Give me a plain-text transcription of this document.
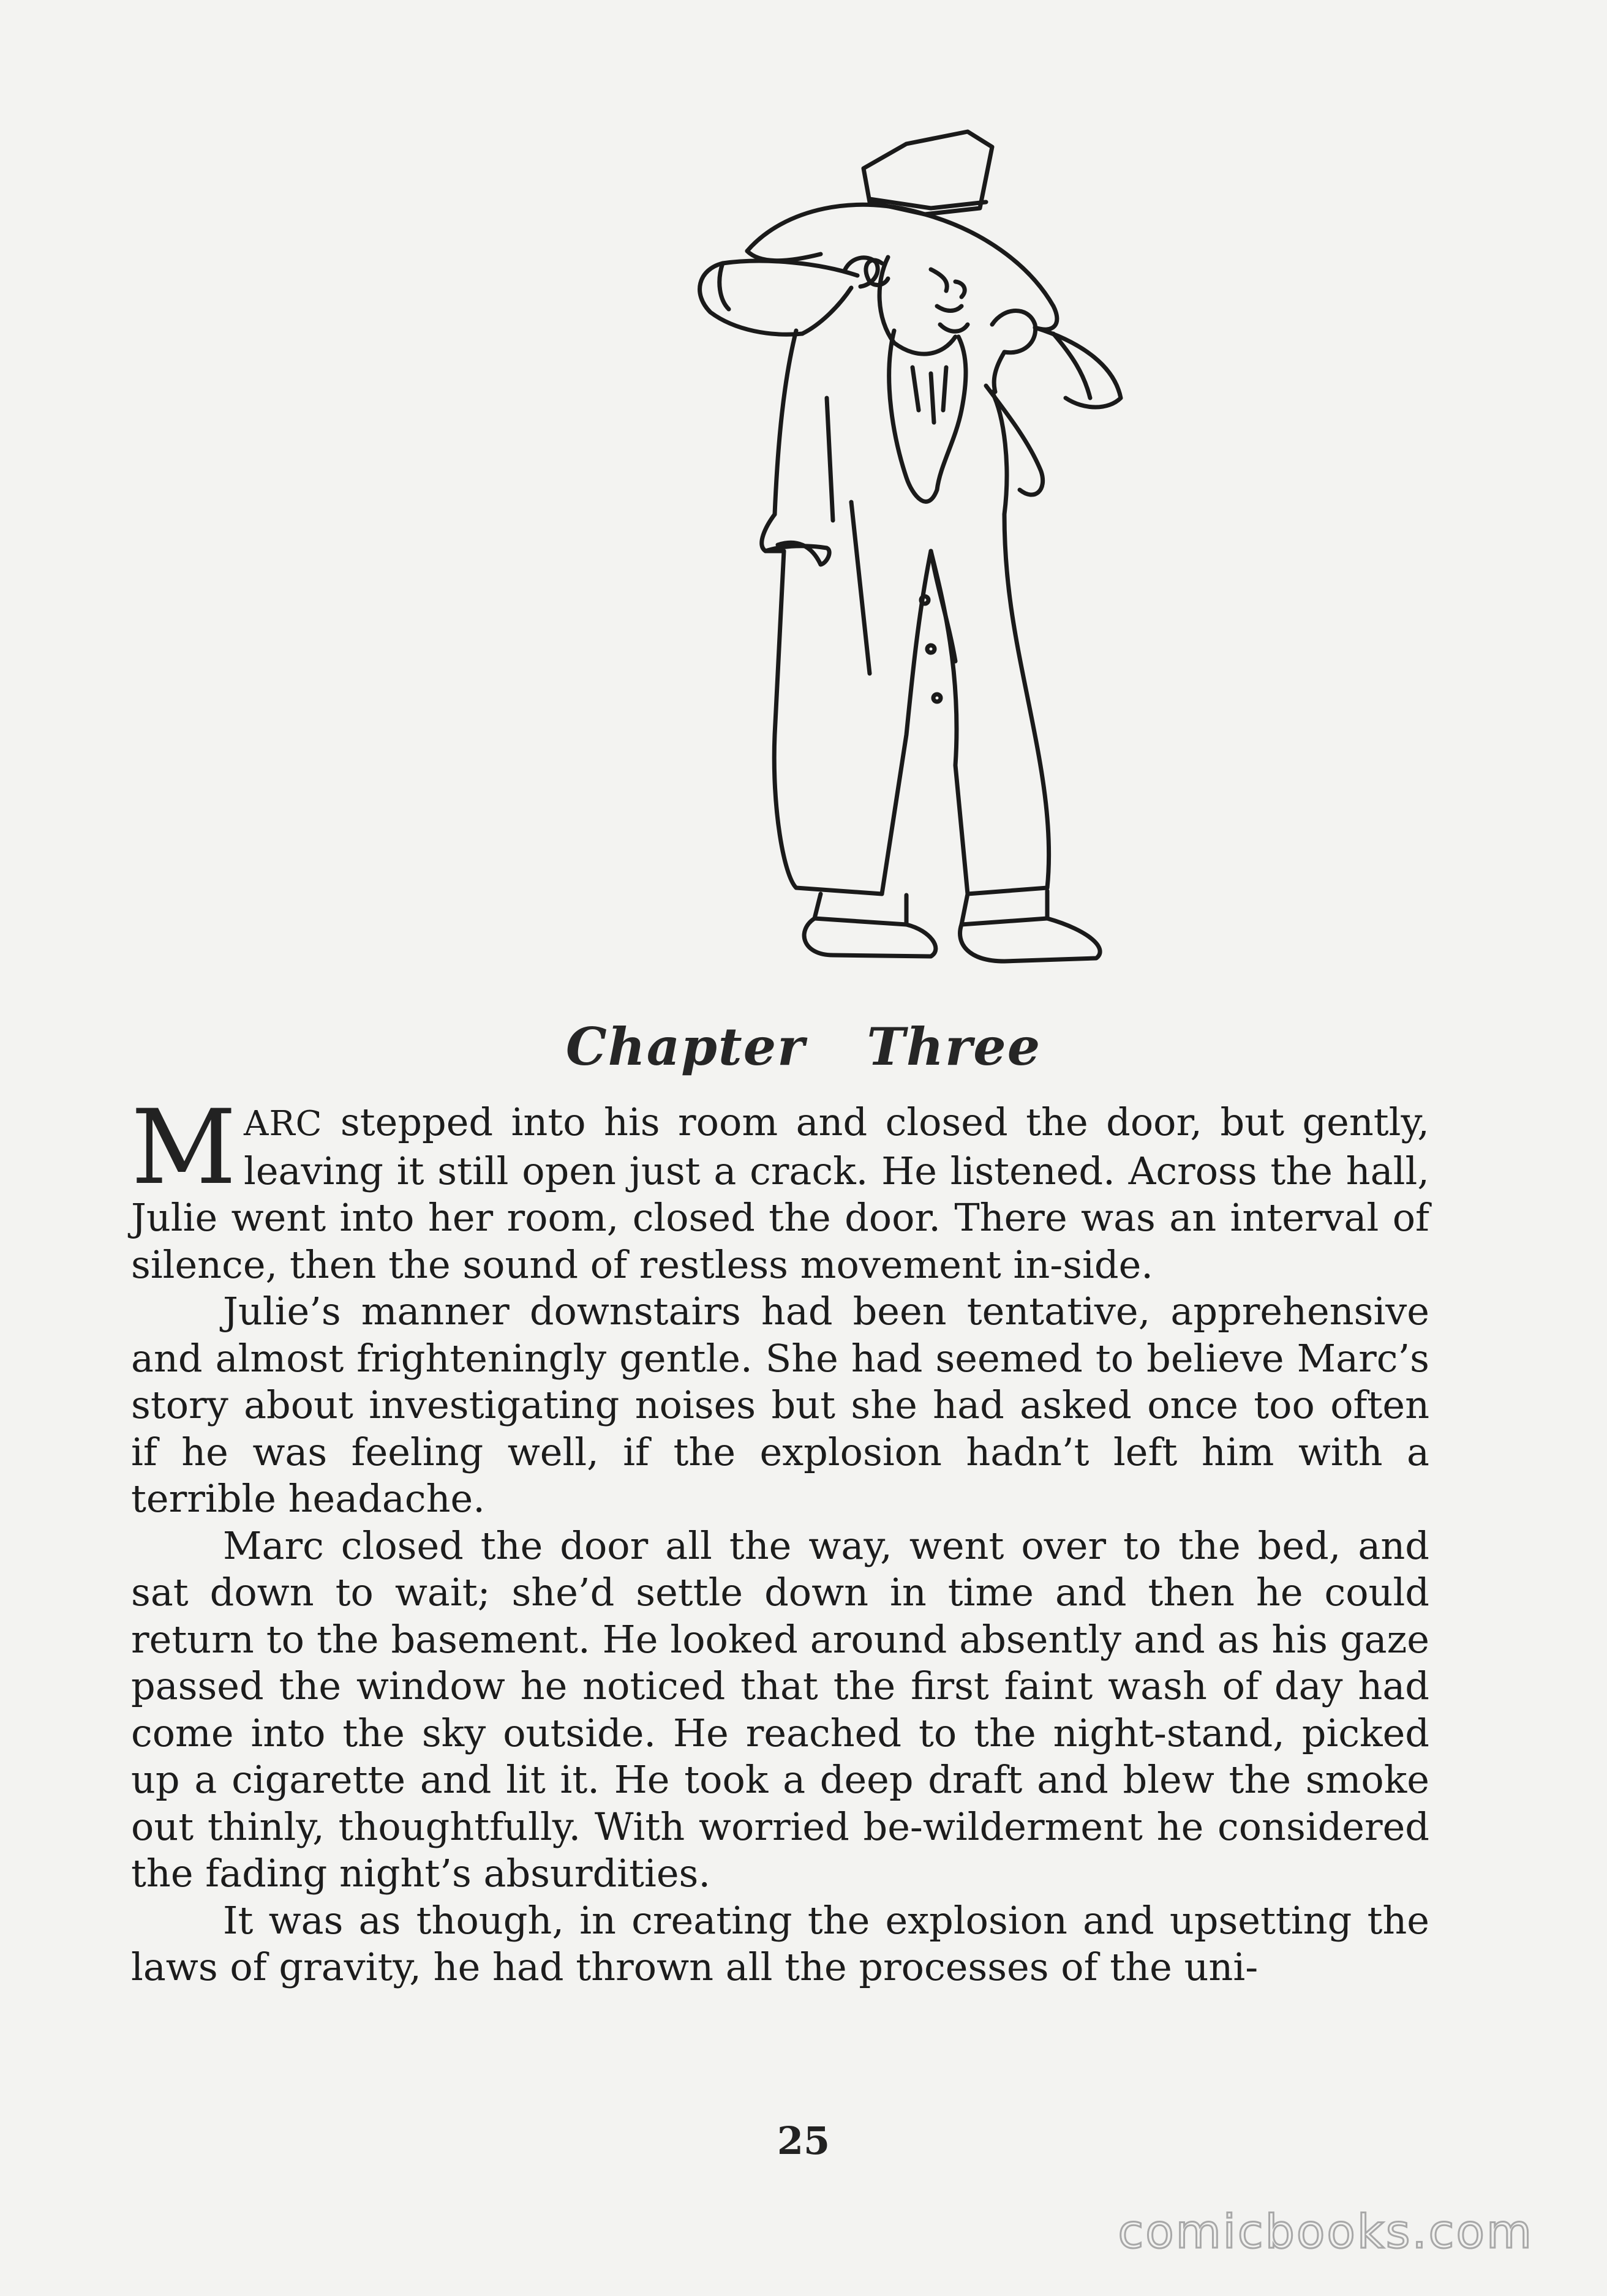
Chapter Three

MARC stepped into his room and closed the door, but gently, leaving it still open just a crack. He listened. Across the hall, Julie went into her room, closed the door. There was an interval of silence, then the sound of restless movement in-side.

Julie’s manner downstairs had been tentative, apprehensive and almost frighteningly gentle. She had seemed to believe Marc’s story about investigating noises but she had asked once too often if he was feeling well, if the explosion hadn’t left him with a terrible headache.

Marc closed the door all the way, went over to the bed, and sat down to wait; she’d settle down in time and then he could return to the basement. He looked around absently and as his gaze passed the window he noticed that the first faint wash of day had come into the sky outside. He reached to the night-stand, picked up a cigarette and lit it. He took a deep draft and blew the smoke out thinly, thoughtfully. With worried be-wilderment he considered the fading night’s absurdities.

It was as though, in creating the explosion and upsetting the laws of gravity, he had thrown all the processes of the uni-

25
comicbooks.com
